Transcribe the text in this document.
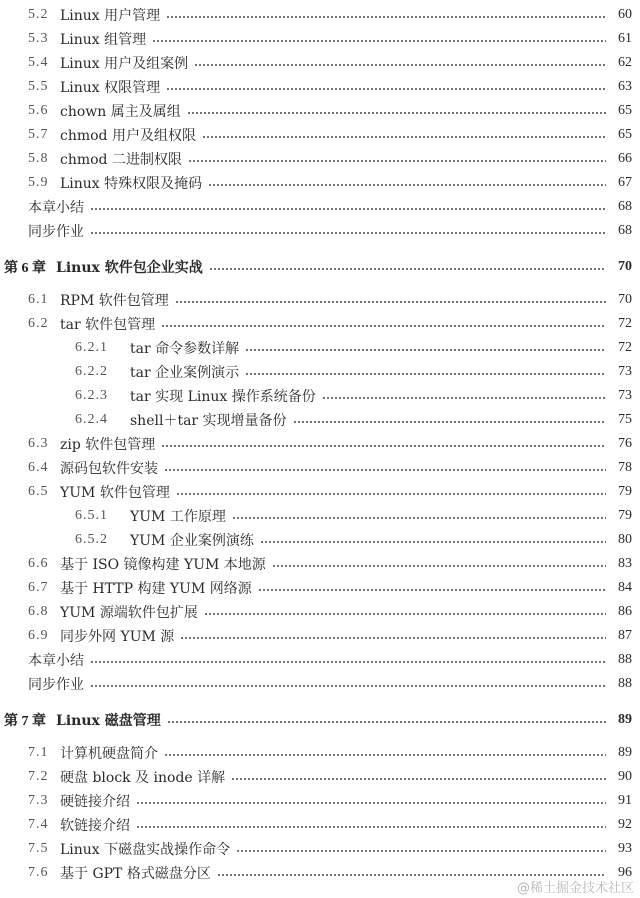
5.2 Linux 用户管理	60
5.3 Linux 组管理	61
5.4 Linux 用户及组案例	62
5.5 Linux 权限管理	63
5.6 chown 属主及属组	65
5.7 chmod 用户及组权限	65
5.8 chmod 二进制权限	66
5.9 Linux 特殊权限及掩码	67
本章小结	68
同步作业	68
第 6 章 Linux 软件包企业实战	70
6.1 RPM 软件包管理	70
6.2 tar 软件包管理	72
6.2.1	tar 命令参数详解	72
6.2.2	tar 企业案例演示	73
6.2.3	tar 实现 Linux 操作系统备份	73
6.2.4	shell＋tar 实现增量备份	75
6.3 zip 软件包管理	76
6.4 源码包软件安装	78
6.5 YUM 软件包管理	79
6.5.1	YUM 工作原理	79
6.5.2	YUM 企业案例演练	80
6.6 基于 ISO 镜像构建 YUM 本地源	83
6.7 基于 HTTP 构建 YUM 网络源	84
6.8 YUM 源端软件包扩展	86
6.9 同步外网 YUM 源	87
本章小结	88
同步作业	88
第 7 章 Linux 磁盘管理	89
7.1 计算机硬盘简介	89
7.2 硬盘 block 及 inode 详解	90
7.3 硬链接介绍	91
7.4 软链接介绍	92
7.5 Linux 下磁盘实战操作命令	93
7.6 基于 GPT 格式磁盘分区	96
@稀土掘金技术社区
